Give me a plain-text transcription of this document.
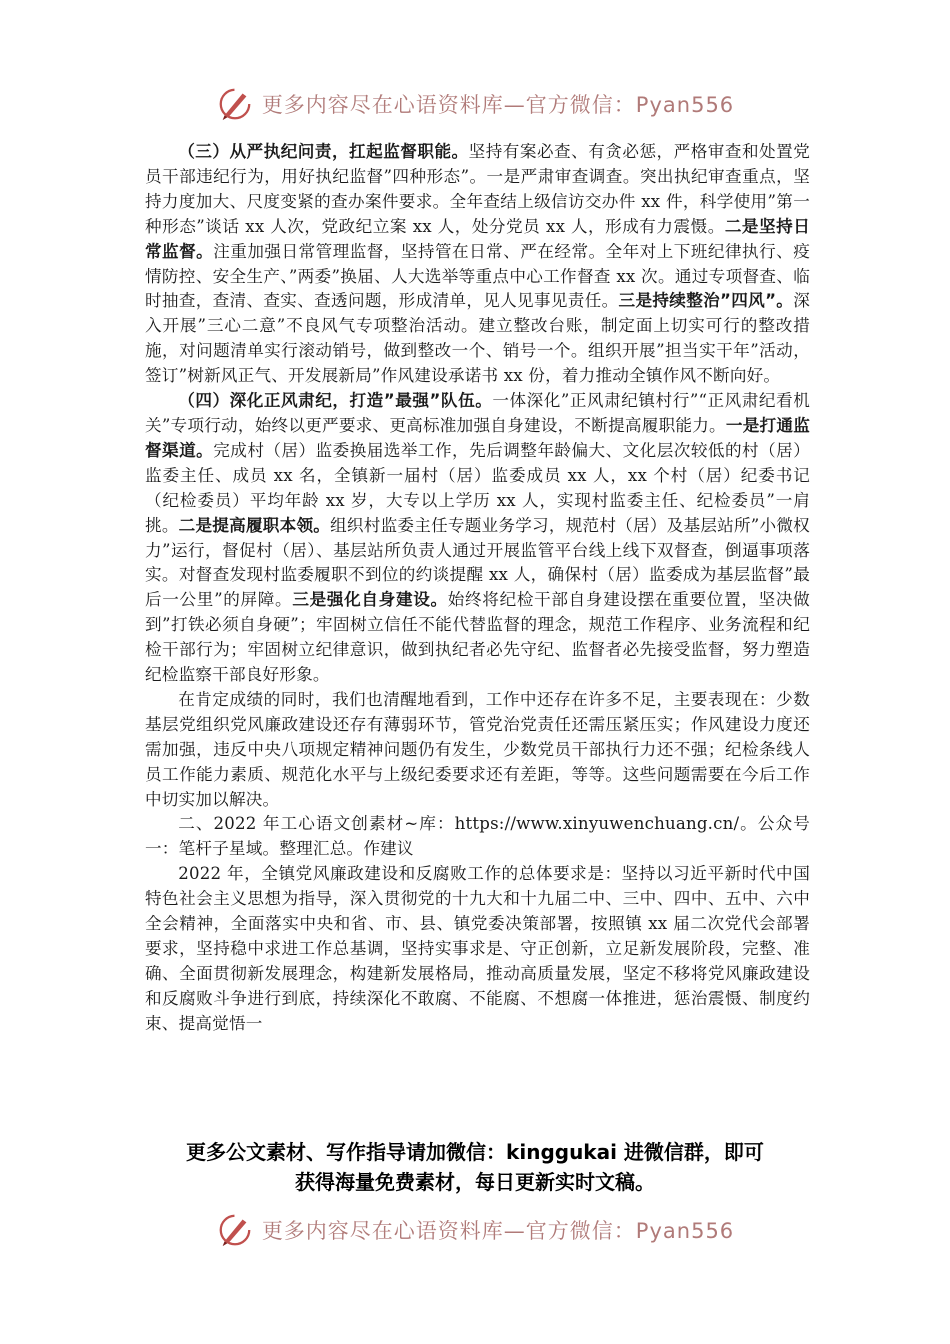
更多内容尽在心语资料库—官方微信：Pyan556

（三）从严执纪问责，扛起监督职能。坚持有案必查、有贪必惩，严格审查和处置党员干部违纪行为，用好执纪监督”四种形态”。一是严肃审查调查。突出执纪审查重点，坚持力度加大、尺度变紧的查办案件要求。全年查结上级信访交办件 xx 件，科学使用”第一种形态”谈话 xx 人次，党政纪立案 xx 人，处分党员 xx 人，形成有力震慑。二是坚持日常监督。注重加强日常管理监督，坚持管在日常、严在经常。全年对上下班纪律执行、疫情防控、安全生产、”两委”换届、人大选举等重点中心工作督查 xx 次。通过专项督查、临时抽查，查清、查实、查透问题，形成清单，见人见事见责任。三是持续整治”四风”。深入开展”三心二意”不良风气专项整治活动。建立整改台账，制定面上切实可行的整改措施，对问题清单实行滚动销号，做到整改一个、销号一个。组织开展”担当实干年”活动，签订”树新风正气、开发展新局”作风建设承诺书 xx 份，着力推动全镇作风不断向好。

（四）深化正风肃纪，打造”最强”队伍。一体深化”正风肃纪镇村行”“正风肃纪看机关”专项行动，始终以更严要求、更高标准加强自身建设，不断提高履职能力。一是打通监督渠道。完成村（居）监委换届选举工作，先后调整年龄偏大、文化层次较低的村（居）监委主任、成员 xx 名，全镇新一届村（居）监委成员 xx 人，xx 个村（居）纪委书记（纪检委员）平均年龄 xx 岁，大专以上学历 xx 人，实现村监委主任、纪检委员”一肩挑。二是提高履职本领。组织村监委主任专题业务学习，规范村（居）及基层站所”小微权力”运行，督促村（居）、基层站所负责人通过开展监管平台线上线下双督查，倒逼事项落实。对督查发现村监委履职不到位的约谈提醒 xx 人，确保村（居）监委成为基层监督”最后一公里”的屏障。三是强化自身建设。始终将纪检干部自身建设摆在重要位置，坚决做到”打铁必须自身硬”；牢固树立信任不能代替监督的理念，规范工作程序、业务流程和纪检干部行为；牢固树立纪律意识，做到执纪者必先守纪、监督者必先接受监督，努力塑造纪检监察干部良好形象。

在肯定成绩的同时，我们也清醒地看到，工作中还存在许多不足，主要表现在：少数基层党组织党风廉政建设还存有薄弱环节，管党治党责任还需压紧压实；作风建设力度还需加强，违反中央八项规定精神问题仍有发生，少数党员干部执行力还不强；纪检条线人员工作能力素质、规范化水平与上级纪委要求还有差距，等等。这些问题需要在今后工作中切实加以解决。

二、2022 年工心语文创素材~库：https://www.xinyuwenchuang.cn/。公众号一：笔杆子星域。整理汇总。作建议

2022 年，全镇党风廉政建设和反腐败工作的总体要求是：坚持以习近平新时代中国特色社会主义思想为指导，深入贯彻党的十九大和十九届二中、三中、四中、五中、六中全会精神，全面落实中央和省、市、县、镇党委决策部署，按照镇 xx 届二次党代会部署要求，坚持稳中求进工作总基调，坚持实事求是、守正创新，立足新发展阶段，完整、准确、全面贯彻新发展理念，构建新发展格局，推动高质量发展，坚定不移将党风廉政建设和反腐败斗争进行到底，持续深化不敢腐、不能腐、不想腐一体推进，惩治震慑、制度约束、提高觉悟一

更多公文素材、写作指导请加微信：kinggukai 进微信群，即可
获得海量免费素材，每日更新实时文稿。
更多内容尽在心语资料库—官方微信：Pyan556
